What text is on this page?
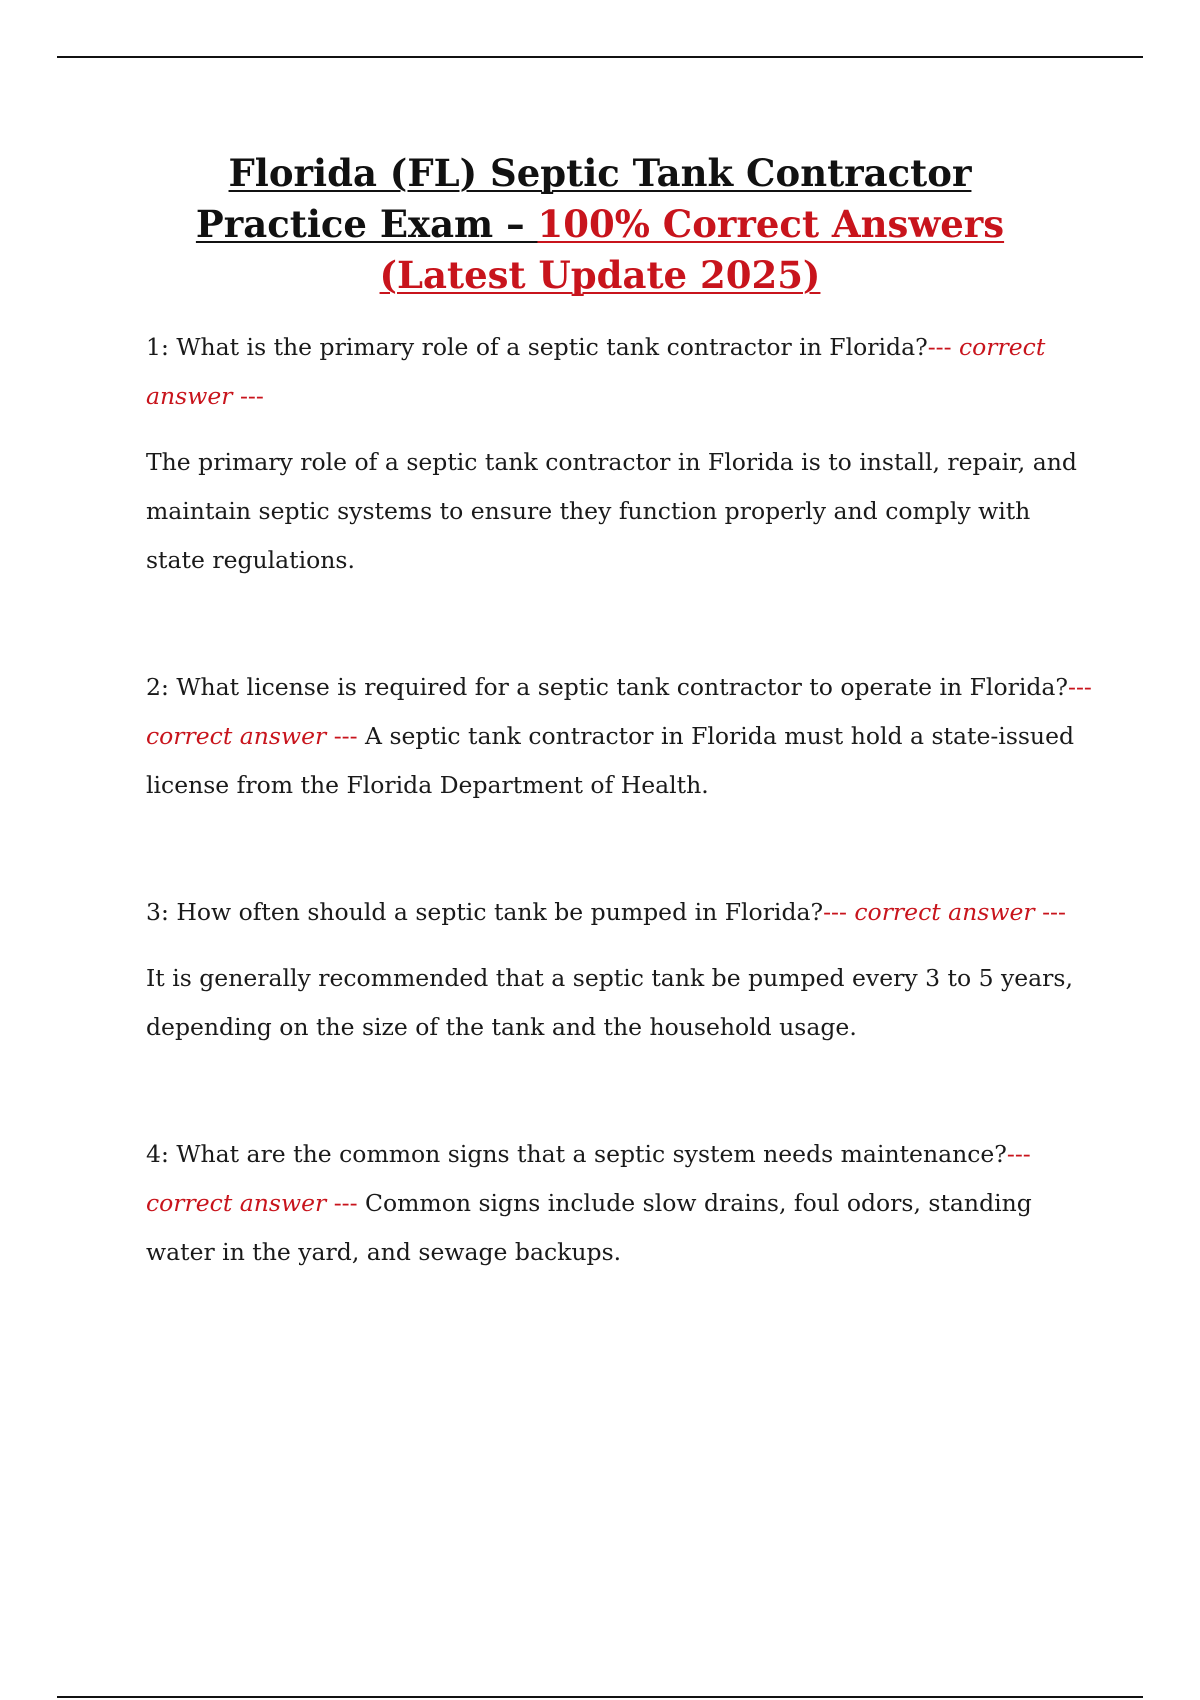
Florida (FL) Septic Tank Contractor
Practice Exam – 100% Correct Answers
(Latest Update 2025)

1: What is the primary role of a septic tank contractor in Florida?--- correct answer ---

The primary role of a septic tank contractor in Florida is to install, repair, and maintain septic systems to ensure they function properly and comply with state regulations.

2: What license is required for a septic tank contractor to operate in Florida?--- correct answer --- A septic tank contractor in Florida must hold a state-issued license from the Florida Department of Health.

3: How often should a septic tank be pumped in Florida?--- correct answer ---

It is generally recommended that a septic tank be pumped every 3 to 5 years, depending on the size of the tank and the household usage.

4: What are the common signs that a septic system needs maintenance?--- correct answer --- Common signs include slow drains, foul odors, standing water in the yard, and sewage backups.
